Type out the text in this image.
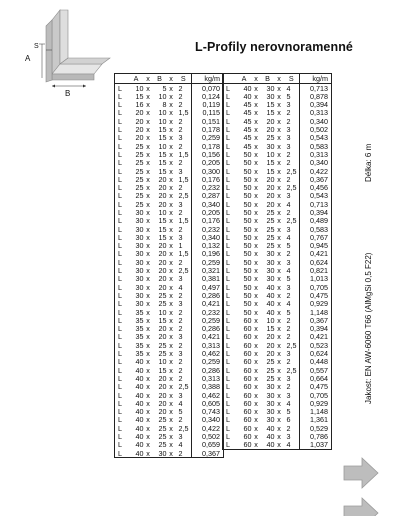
A
S
B
L-Profily nerovnoramenné
	A	x	B	x	S	kg/m
L	10	x	5	x	2	0,070
L	15	x	10	x	2	0,124
L	16	x	8	x	2	0,119
L	20	x	10	x	1,5	0,115
L	20	x	10	x	2	0,151
L	20	x	15	x	2	0,178
L	20	x	15	x	3	0,259
L	25	x	10	x	2	0,178
L	25	x	15	x	1,5	0,156
L	25	x	15	x	2	0,205
L	25	x	15	x	3	0,300
L	25	x	20	x	1,5	0,176
L	25	x	20	x	2	0,232
L	25	x	20	x	2,5	0,287
L	25	x	20	x	3	0,340
L	30	x	10	x	2	0,205
L	30	x	15	x	1,5	0,176
L	30	x	15	x	2	0,232
L	30	x	15	x	3	0,340
L	30	x	20	x	1	0,132
L	30	x	20	x	1,5	0,196
L	30	x	20	x	2	0,259
L	30	x	20	x	2,5	0,321
L	30	x	20	x	3	0,381
L	30	x	20	x	4	0,497
L	30	x	25	x	2	0,286
L	30	x	25	x	3	0,421
L	35	x	10	x	2	0,232
L	35	x	15	x	2	0,259
L	35	x	20	x	2	0,286
L	35	x	20	x	3	0,421
L	35	x	25	x	2	0,313
L	35	x	25	x	3	0,462
L	40	x	10	x	2	0,259
L	40	x	15	x	2	0,286
L	40	x	20	x	2	0,313
L	40	x	20	x	2,5	0,388
L	40	x	20	x	3	0,462
L	40	x	20	x	4	0,605
L	40	x	20	x	5	0,743
L	40	x	25	x	2	0,340
L	40	x	25	x	2,5	0,422
L	40	x	25	x	3	0,502
L	40	x	25	x	4	0,659
L	40	x	30	x	2	0,367
	A	x	B	x	S	kg/m
L	40	x	30	x	4	0,713
L	40	x	30	x	5	0,878
L	45	x	15	x	3	0,394
L	45	x	15	x	2	0,313
L	45	x	20	x	2	0,340
L	45	x	20	x	3	0,502
L	45	x	25	x	3	0,543
L	45	x	30	x	3	0,583
L	50	x	10	x	2	0,313
L	50	x	15	x	2	0,340
L	50	x	15	x	2,5	0,422
L	50	x	20	x	2	0,367
L	50	x	20	x	2,5	0,456
L	50	x	20	x	3	0,543
L	50	x	20	x	4	0,713
L	50	x	25	x	2	0,394
L	50	x	25	x	2,5	0,489
L	50	x	25	x	3	0,583
L	50	x	25	x	4	0,767
L	50	x	25	x	5	0,945
L	50	x	30	x	2	0,421
L	50	x	30	x	3	0,624
L	50	x	30	x	4	0,821
L	50	x	30	x	5	1,013
L	50	x	40	x	3	0,705
L	50	x	40	x	2	0,475
L	50	x	40	x	4	0,929
L	50	x	40	x	5	1,148
L	60	x	10	x	2	0,367
L	60	x	15	x	2	0,394
L	60	x	20	x	2	0,421
L	60	x	20	x	2,5	0,523
L	60	x	20	x	3	0,624
L	60	x	25	x	2	0,448
L	60	x	25	x	2,5	0,557
L	60	x	25	x	3	0,664
L	60	x	30	x	2	0,475
L	60	x	30	x	3	0,705
L	60	x	30	x	4	0,929
L	60	x	30	x	5	1,148
L	60	x	30	x	6	1,361
L	60	x	40	x	2	0,529
L	60	x	40	x	3	0,786
L	60	x	40	x	4	1,037
Délka: 6 m
Jakost: EN AW-6060 T66 (AlMgSi 0,5 F22)
